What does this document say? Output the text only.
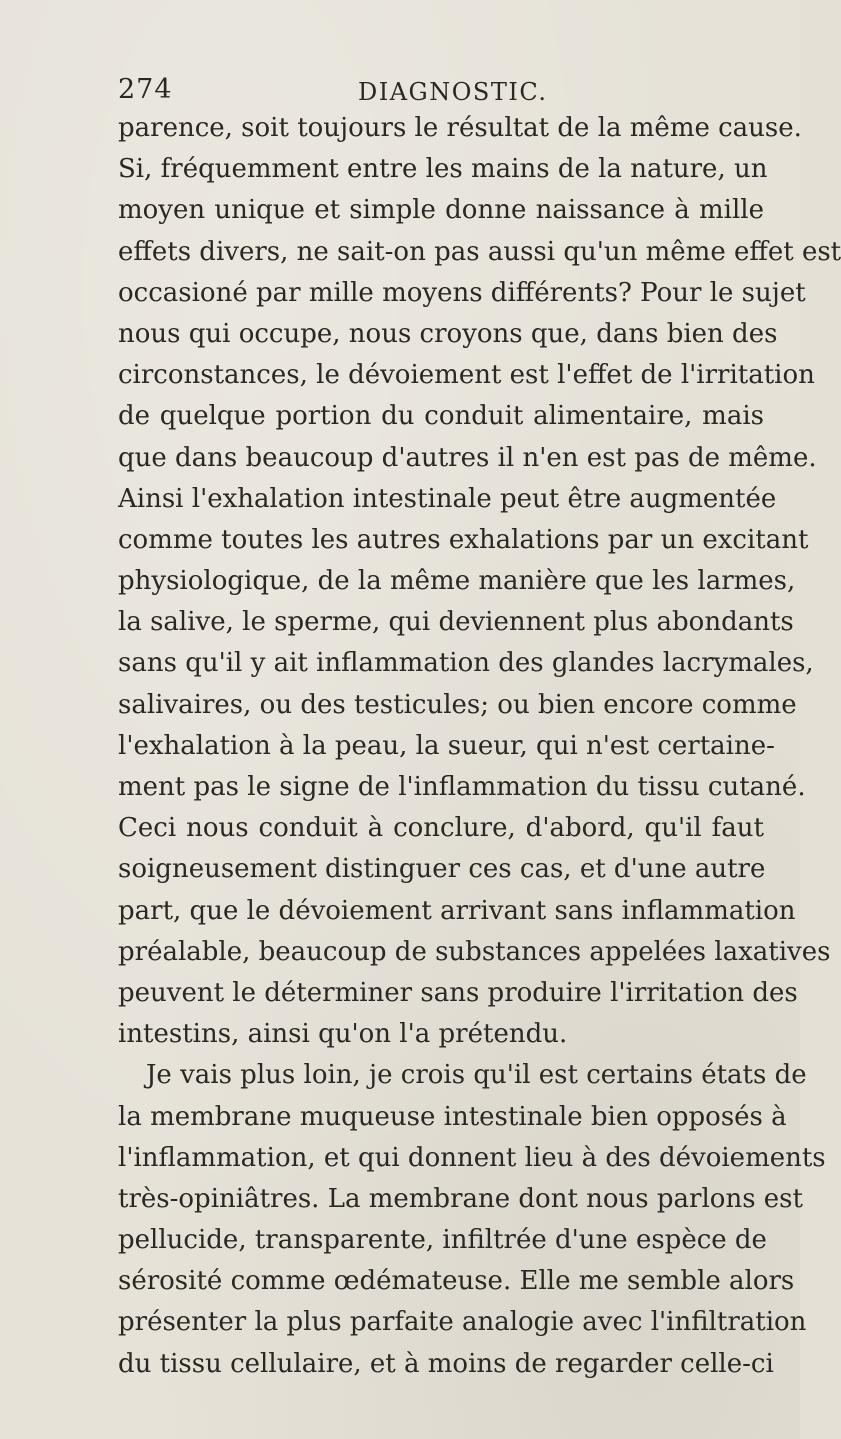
274	DIAGNOSTIC.
parence, soit toujours le résultat de la même cause.
Si, fréquemment entre les mains de la nature, un
moyen unique et simple donne naissance à mille
effets divers, ne sait-on pas aussi qu'un même effet est
occasioné par mille moyens différents? Pour le sujet
nous qui occupe, nous croyons que, dans bien des
circonstances, le dévoiement est l'effet de l'irritation
de quelque portion du conduit alimentaire, mais
que dans beaucoup d'autres il n'en est pas de même.
Ainsi l'exhalation intestinale peut être augmentée
comme toutes les autres exhalations par un excitant
physiologique, de la même manière que les larmes,
la salive, le sperme, qui deviennent plus abondants
sans qu'il y ait inflammation des glandes lacrymales,
salivaires, ou des testicules; ou bien encore comme
l'exhalation à la peau, la sueur, qui n'est certaine-
ment pas le signe de l'inflammation du tissu cutané.
Ceci nous conduit à conclure, d'abord, qu'il faut
soigneusement distinguer ces cas, et d'une autre
part, que le dévoiement arrivant sans inflammation
préalable, beaucoup de substances appelées laxatives
peuvent le déterminer sans produire l'irritation des
intestins, ainsi qu'on l'a prétendu.
Je vais plus loin, je crois qu'il est certains états de
la membrane muqueuse intestinale bien opposés à
l'inflammation, et qui donnent lieu à des dévoiements
très-opiniâtres. La membrane dont nous parlons est
pellucide, transparente, infiltrée d'une espèce de
sérosité comme œdémateuse. Elle me semble alors
présenter la plus parfaite analogie avec l'infiltration
du tissu cellulaire, et à moins de regarder celle-ci
